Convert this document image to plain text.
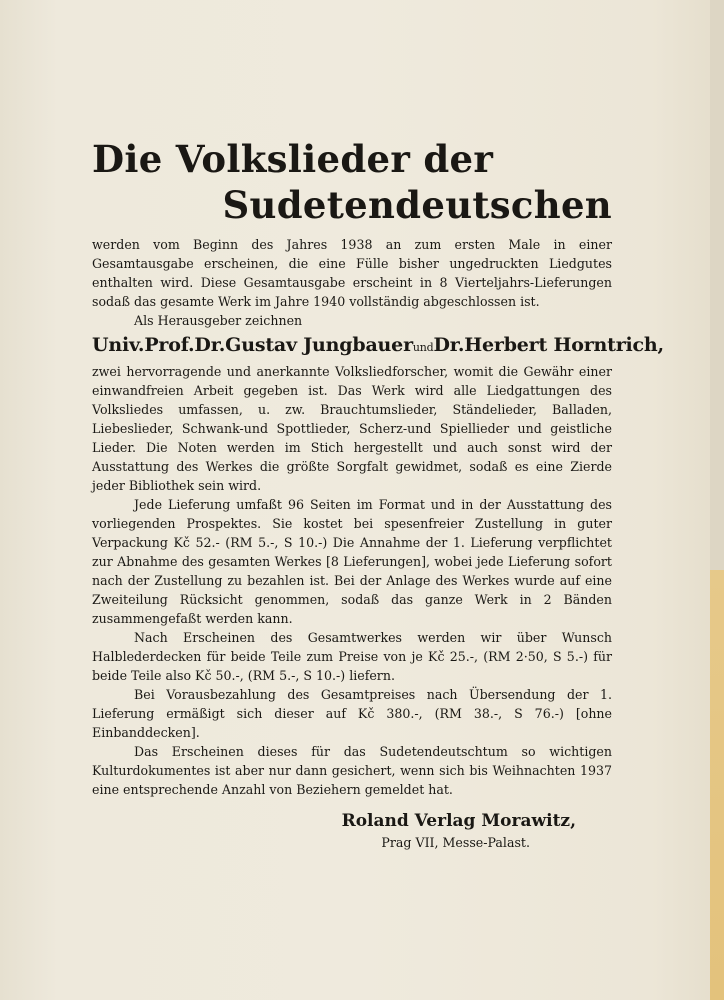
Die Volkslieder der
Sudetendeutschen

werden vom Beginn des Jahres 1938 an zum ersten Male in einer Gesamtausgabe erscheinen, die eine Fülle bisher ungedruckten Liedgutes enthalten wird. Diese Gesamtausgabe erscheint in 8 Vierteljahrs-Lieferungen sodaß das gesamte Werk im Jahre 1940 vollständig abgeschlossen ist.

Als Herausgeber zeichnen

Univ.Prof.Dr.Gustav JungbauerundDr.Herbert Horntrich,

zwei hervorragende und anerkannte Volksliedforscher, womit die Gewähr einer einwandfreien Arbeit gegeben ist. Das Werk wird alle Liedgattungen des Volksliedes umfassen, u. zw. Brauchtumslieder, Ständelieder, Balladen, Liebeslieder, Schwank-und Spottlieder, Scherz-und Spiellieder und geistliche Lieder. Die Noten werden im Stich hergestellt und auch sonst wird der Ausstattung des Werkes die größte Sorgfalt gewidmet, sodaß es eine Zierde jeder Bibliothek sein wird.

Jede Lieferung umfaßt 96 Seiten im Format und in der Ausstattung des vorliegenden Prospektes. Sie kostet bei spesenfreier Zustellung in guter Verpackung Kč 52.- (RM 5.-, S 10.-) Die Annahme der 1. Lieferung verpflichtet zur Abnahme des gesamten Werkes [8 Lieferungen], wobei jede Lieferung sofort nach der Zustellung zu bezahlen ist. Bei der Anlage des Werkes wurde auf eine Zweiteilung Rücksicht genommen, sodaß das ganze Werk in 2 Bänden zusammengefaßt werden kann.

Nach Erscheinen des Gesamtwerkes werden wir über Wunsch Halblederdecken für beide Teile zum Preise von je Kč 25.-, (RM 2·50, S 5.-) für beide Teile also Kč 50.-, (RM 5.-, S 10.-) liefern.

Bei Vorausbezahlung des Gesamtpreises nach Übersendung der 1. Lieferung ermäßigt sich dieser auf Kč 380.-, (RM 38.-, S 76.-) [ohne Einbanddecken].

Das Erscheinen dieses für das Sudetendeutschtum so wichtigen Kulturdokumentes ist aber nur dann gesichert, wenn sich bis Weihnachten 1937 eine entsprechende Anzahl von Beziehern gemeldet hat.

Roland Verlag Morawitz,
Prag VII, Messe-Palast.
